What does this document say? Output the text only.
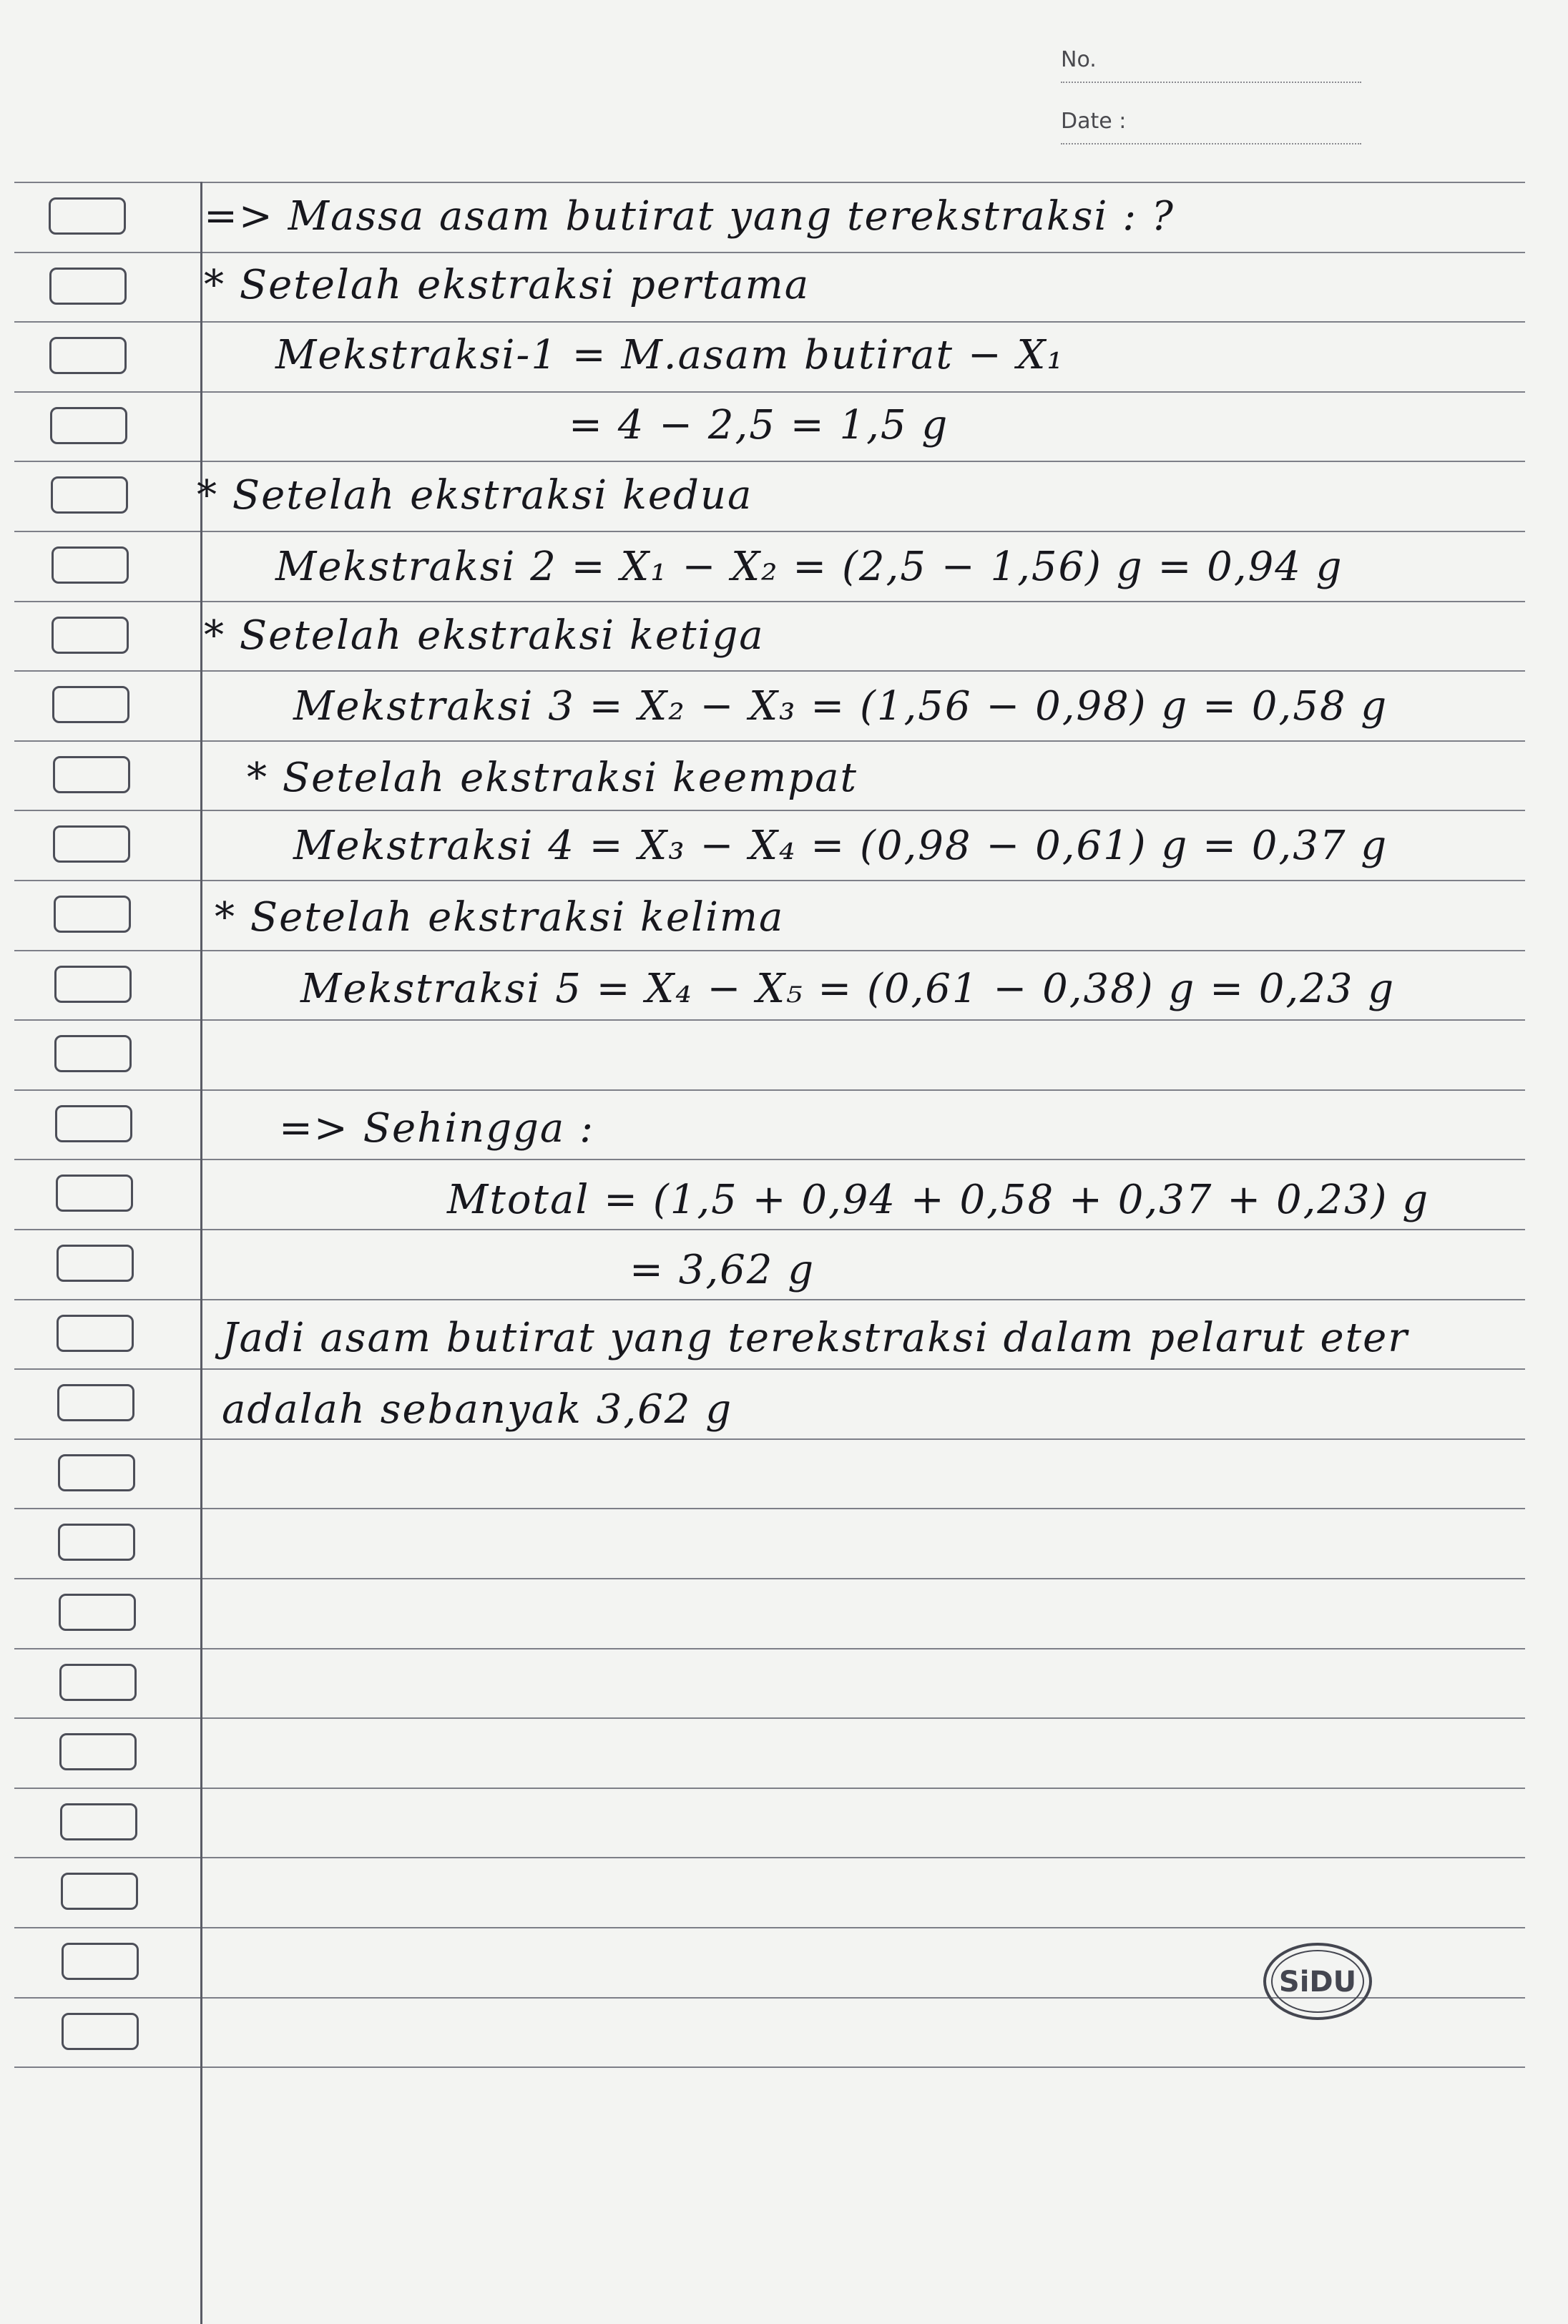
No.
Date :
=> Massa asam butirat yang terekstraksi : ?
* Setelah ekstraksi pertama
Mekstraksi-1 = M.asam butirat − X₁
= 4 − 2,5 = 1,5 g
* Setelah ekstraksi kedua
Mekstraksi 2 = X₁ − X₂ = (2,5 − 1,56) g = 0,94 g
* Setelah ekstraksi ketiga
Mekstraksi 3 = X₂ − X₃ = (1,56 − 0,98) g = 0,58 g
* Setelah ekstraksi keempat
Mekstraksi 4 = X₃ − X₄ = (0,98 − 0,61) g = 0,37 g
* Setelah ekstraksi kelima
Mekstraksi 5 = X₄ − X₅ = (0,61 − 0,38) g = 0,23 g
=> Sehingga :
Mtotal = (1,5 + 0,94 + 0,58 + 0,37 + 0,23) g
= 3,62 g
Jadi asam butirat yang terekstraksi dalam pelarut eter
adalah sebanyak 3,62 g
SiDU
